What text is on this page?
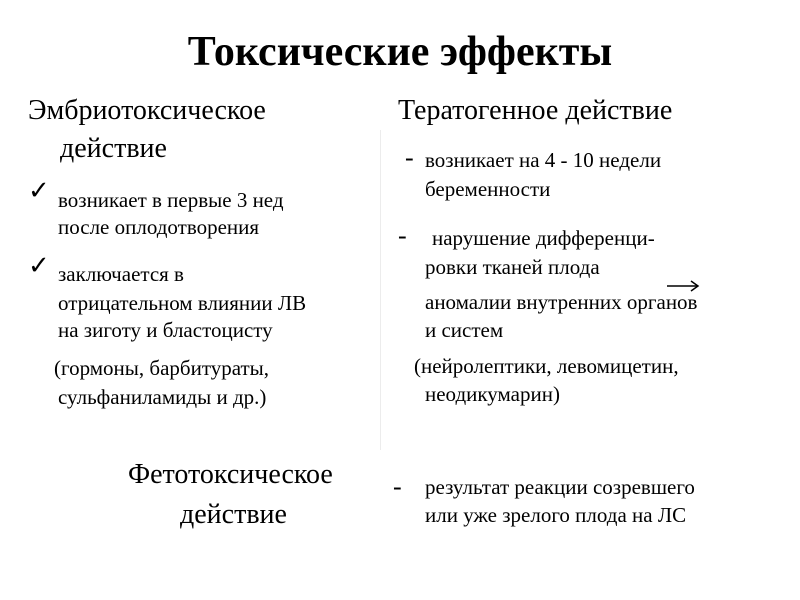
Токсические эффекты
Эмбриотоксическое
действие
✓ возникает в первые 3 нед
после оплодотворения
✓ заключается в
отрицательном влиянии ЛВ
на зиготу и бластоцисту
(гормоны, барбитураты,
сульфаниламиды и др.)
Фетотоксическое
действие
Тератогенное действие
- возникает на 4 - 10 недели
беременности
- нарушение дифференци-
ровки тканей плода
аномалии внутренних органов
и систем
(нейролептики, левомицетин,
неодикумарин)
- результат реакции созревшего
или уже зрелого плода на ЛС
